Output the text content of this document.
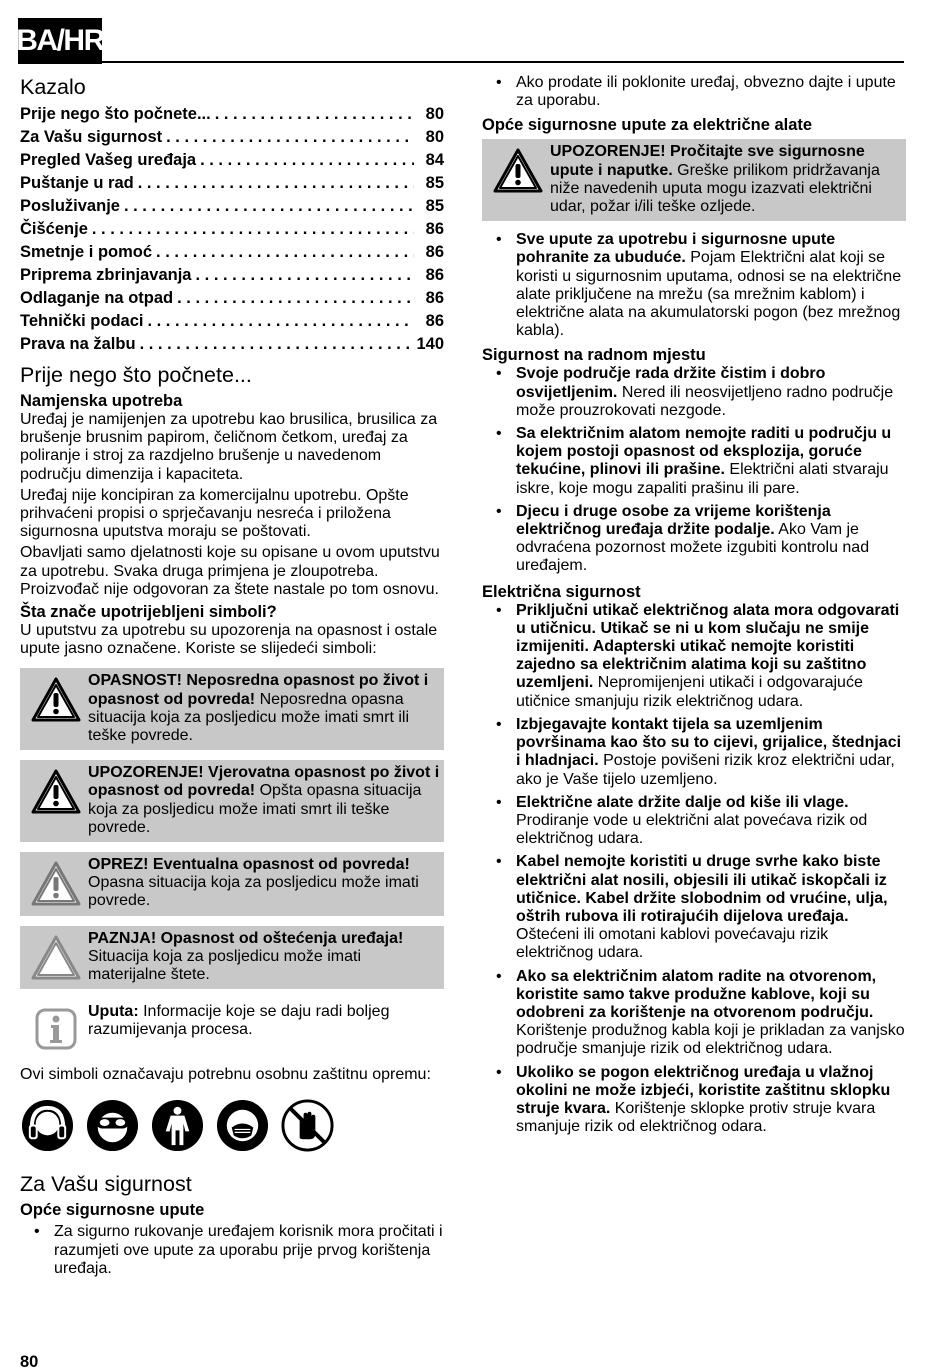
BA/HR
Kazalo
Prije nego što počnete... . . .	80
Za Vašu sigurnost . . .	80
Pregled Vašeg uređaja . . .	84
Puštanje u rad . . .	85
Posluživanje . . .	85
Čišćenje . . .	86
Smetnje i pomoć . . .	86
Priprema zbrinjavanja . . .	86
Odlaganje na otpad . . .	86
Tehnički podaci . . .	86
Prava na žalbu . . .	140
Prije nego što počnete...
Namjenska upotreba

Uređaj je namijenjen za upotrebu kao brusilica, brusilica za brušenje brusnim papirom, čeličnom četkom, uređaj za poliranje i stroj za razdjelno brušenje u navedenom području dimenzija i kapaciteta.

Uređaj nije koncipiran za komercijalnu upotrebu. Opšte prihvaćeni propisi o sprječavanju nesreća i priložena sigurnosna uputstva moraju se poštovati.

Obavljati samo djelatnosti koje su opisane u ovom uputstvu za upotrebu. Svaka druga primjena je zloupotreba. Proizvođač nije odgovoran za štete nastale po tom osnovu.

Šta znače upotrijebljeni simboli?

U uputstvu za upotrebu su upozorenja na opasnost i ostale upute jasno označene. Koriste se slijedeći simboli:

OPASNOST! Neposredna opasnost po život i opasnost od povreda! Neposredna opasna situacija koja za posljedicu može imati smrt ili teške povrede.
UPOZORENJE! Vjerovatna opasnost po život i opasnost od povreda! Opšta opasna situacija koja za posljedicu može imati smrt ili teške povrede.
OPREZ! Eventualna opasnost od povreda! Opasna situacija koja za posljedicu može imati povrede.
PAZNJA! Opasnost od oštećenja uređaja! Situacija koja za posljedicu može imati materijalne štete.
Uputa: Informacije koje se daju radi boljeg razumijevanja procesa.

Ovi simboli označavaju potrebnu osobnu zaštitnu opremu:

Za Vašu sigurnost
Opće sigurnosne upute
• Za sigurno rukovanje uređajem korisnik mora pročitati i razumjeti ove upute za uporabu prije prvog korištenja uređaja.
• Ako prodate ili poklonite uređaj, obvezno dajte i upute za uporabu.
Opće sigurnosne upute za električne alate
UPOZORENJE! Pročitajte sve sigurnosne upute i naputke. Greške prilikom pridržavanja niže navedenih uputa mogu izazvati električni udar, požar i/ili teške ozljede.
• Sve upute za upotrebu i sigurnosne upute pohranite za ubuduće. Pojam Električni alat koji se koristi u sigurnosnim uputama, odnosi se na električne alate priključene na mrežu (sa mrežnim kablom) i električne alata na akumulatorski pogon (bez mrežnog kabla).
Sigurnost na radnom mjestu
• Svoje područje rada držite čistim i dobro osvijetljenim. Nered ili neosvijetljeno radno područje može prouzrokovati nezgode.
• Sa električnim alatom nemojte raditi u području u kojem postoji opasnost od eksplozija, goruće tekućine, plinovi ili prašine. Električni alati stvaraju iskre, koje mogu zapaliti prašinu ili pare.
• Djecu i druge osobe za vrijeme korištenja električnog uređaja držite podalje. Ako Vam je odvraćena pozornost možete izgubiti kontrolu nad uređajem.
Električna sigurnost
• Priključni utikač električnog alata mora odgovarati u utičnicu. Utikač se ni u kom slučaju ne smije izmijeniti. Adapterski utikač nemojte koristiti zajedno sa električnim alatima koji su zaštitno uzemljeni. Nepromijenjeni utikači i odgovarajuće utičnice smanjuju rizik električnog udara.
• Izbjegavajte kontakt tijela sa uzemljenim površinama kao što su to cijevi, grijalice, štednjaci i hladnjaci. Postoje povišeni rizik kroz električni udar, ako je Vaše tijelo uzemljeno.
• Električne alate držite dalje od kiše ili vlage. Prodiranje vode u električni alat povećava rizik od električnog udara.
• Kabel nemojte koristiti u druge svrhe kako biste električni alat nosili, objesili ili utikač iskopčali iz utičnice. Kabel držite slobodnim od vrućine, ulja, oštrih rubova ili rotirajućih dijelova uređaja. Oštećeni ili omotani kablovi povećavaju rizik električnog udara.
• Ako sa električnim alatom radite na otvorenom, koristite samo takve produžne kablove, koji su odobreni za korištenje na otvorenom području. Korištenje produžnog kabla koji je prikladan za vanjsko područje smanjuje rizik od električnog udara.
• Ukoliko se pogon električnog uređaja u vlažnoj okolini ne može izbjeći, koristite zaštitnu sklopku struje kvara. Korištenje sklopke protiv struje kvara smanjuje rizik od električnog odara.
80
